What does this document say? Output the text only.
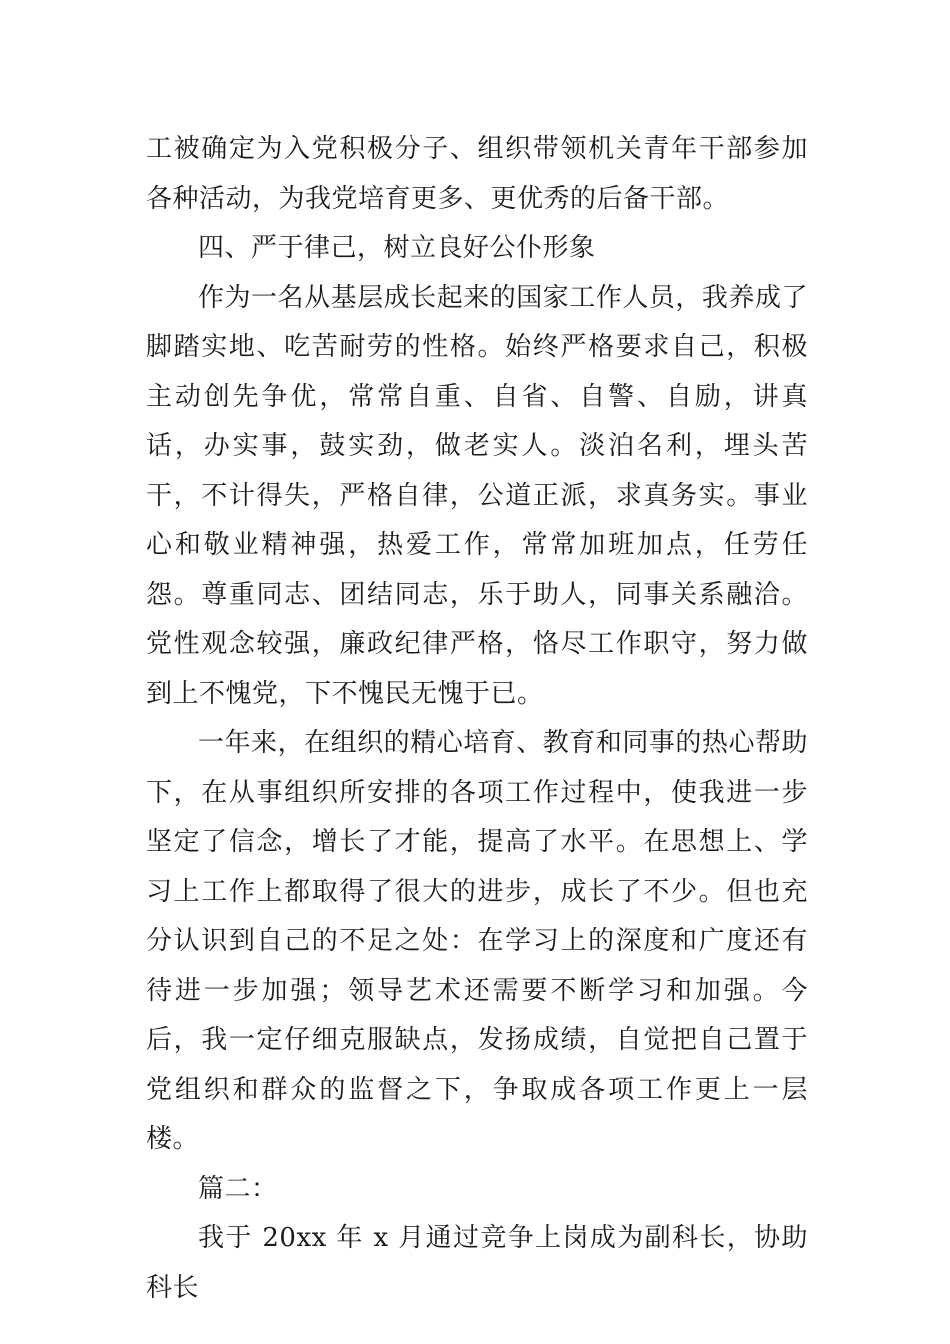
工被确定为入党积极分子、组织带领机关青年干部参加各种活动，为我党培育更多、更优秀的后备干部。

四、严于律己，树立良好公仆形象

作为一名从基层成长起来的国家工作人员，我养成了脚踏实地、吃苦耐劳的性格。始终严格要求自己，积极主动创先争优，常常自重、自省、自警、自励，讲真话，办实事，鼓实劲，做老实人。淡泊名利，埋头苦干，不计得失，严格自律，公道正派，求真务实。事业心和敬业精神强，热爱工作，常常加班加点，任劳任怨。尊重同志、团结同志，乐于助人，同事关系融洽。党性观念较强，廉政纪律严格，恪尽工作职守，努力做到上不愧党，下不愧民无愧于已。

一年来，在组织的精心培育、教育和同事的热心帮助下，在从事组织所安排的各项工作过程中，使我进一步坚定了信念，增长了才能，提高了水平。在思想上、学习上工作上都取得了很大的进步，成长了不少。但也充分认识到自己的不足之处：在学习上的深度和广度还有待进一步加强；领导艺术还需要不断学习和加强。今后，我一定仔细克服缺点，发扬成绩，自觉把自己置于党组织和群众的监督之下，争取成各项工作更上一层楼。

篇二：

我于 20xx 年 x 月通过竞争上岗成为副科长，协助科长
